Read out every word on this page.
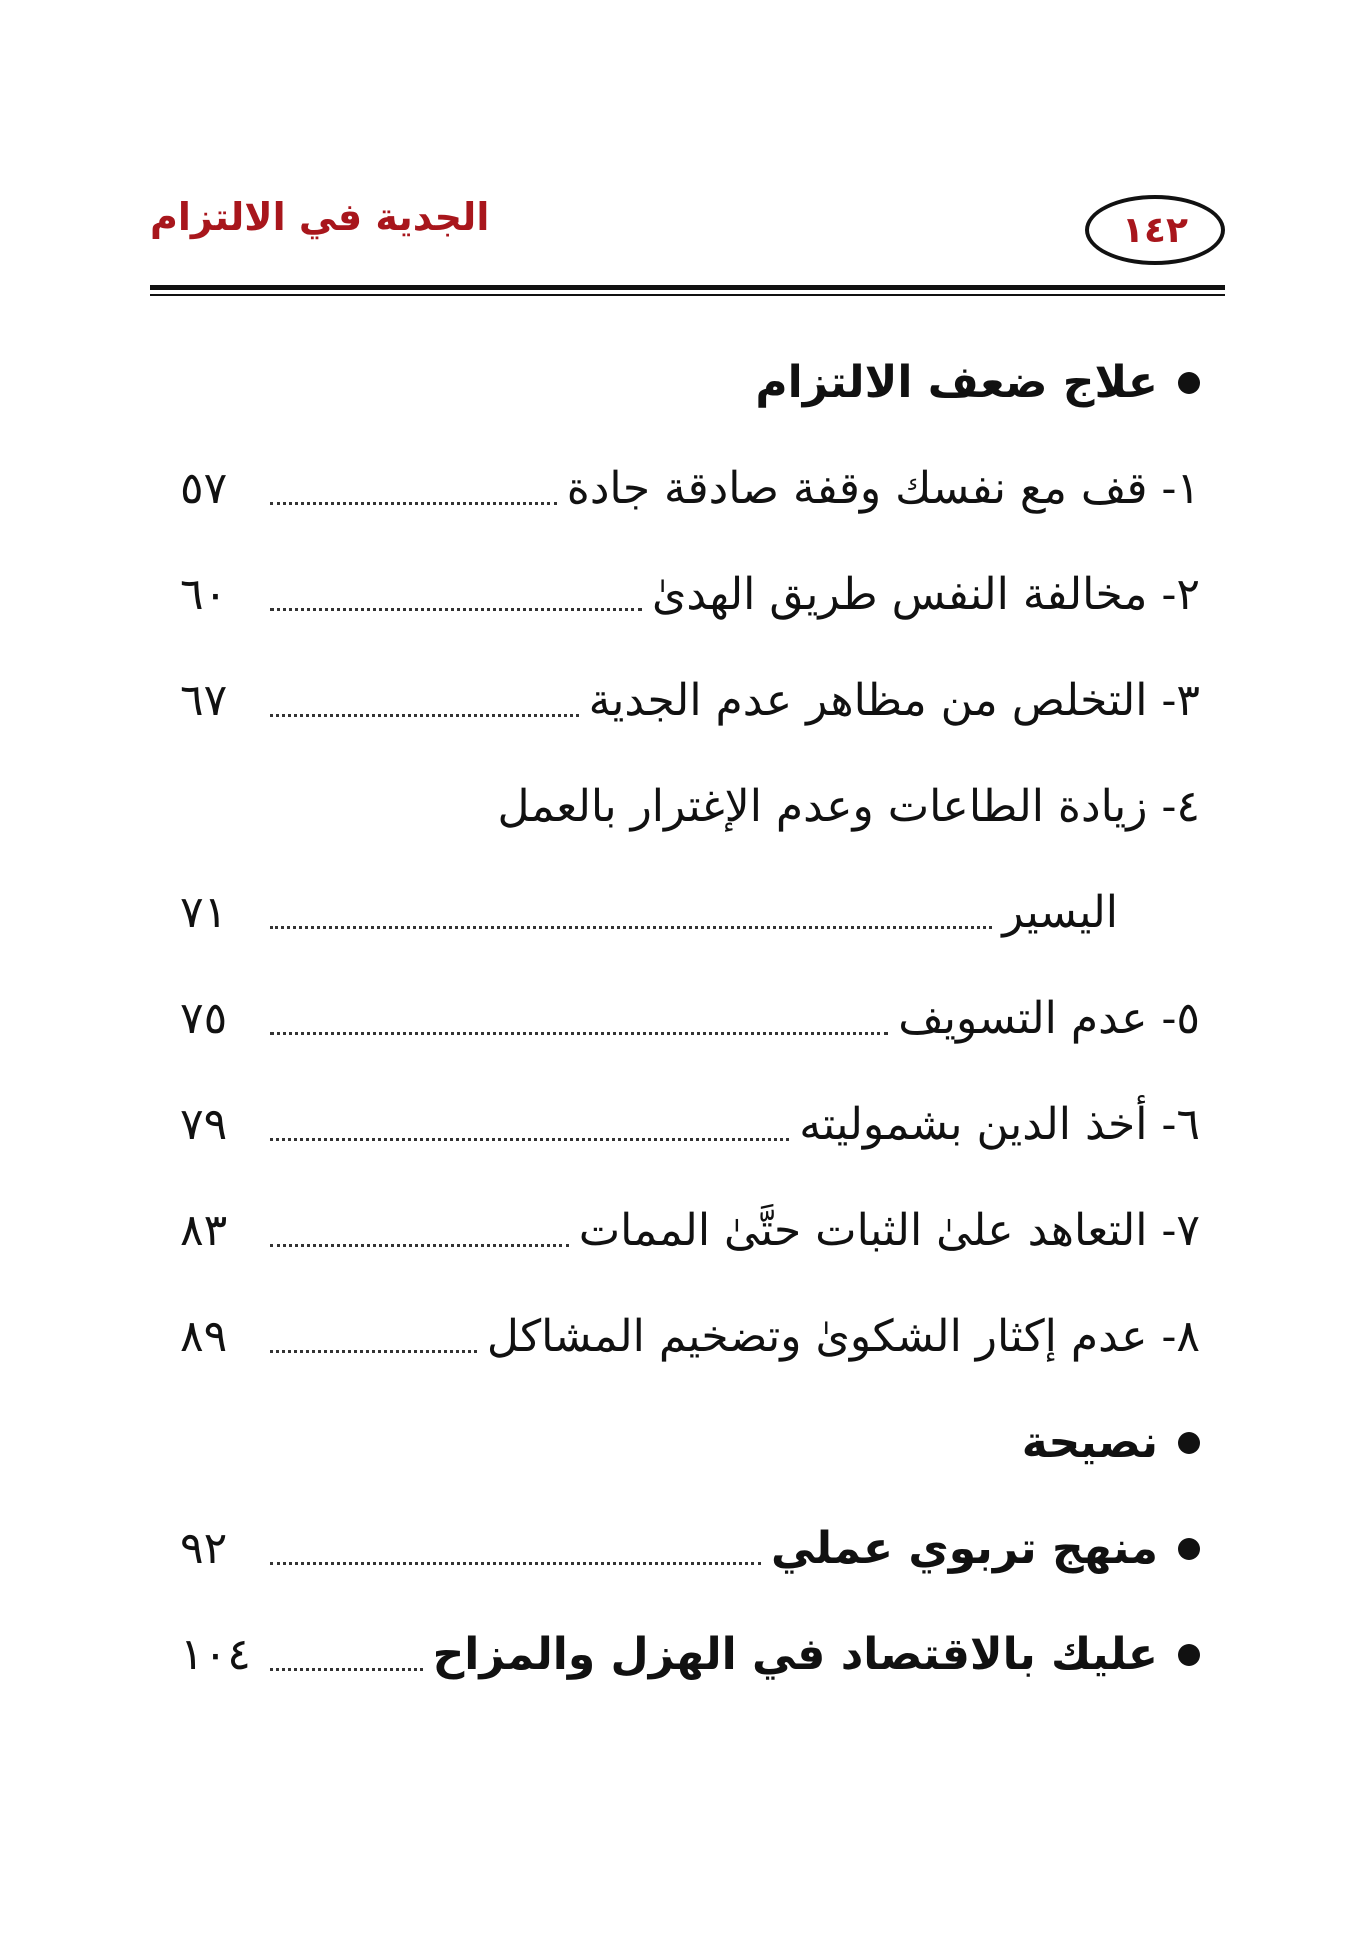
الجدية في الالتزام	١٤٢
علاج ضعف الالتزام
١-
قف مع نفسك وقفة صادقة جادة
٥٧
٢-
مخالفة النفس طريق الهدىٰ
٦٠
٣-
التخلص من مظاهر عدم الجدية
٦٧
٤-
زيادة الطاعات وعدم الإغترار بالعمل
اليسير
٧١
٥-
عدم التسويف
٧٥
٦-
أخذ الدين بشموليته
٧٩
٧-
التعاهد علىٰ الثبات حتَّىٰ الممات
٨٣
٨-
عدم إكثار الشكوىٰ وتضخيم المشاكل
٨٩
نصيحة
منهج تربوي عملي
٩٢
عليك بالاقتصاد في الهزل والمزاح
١٠٤
